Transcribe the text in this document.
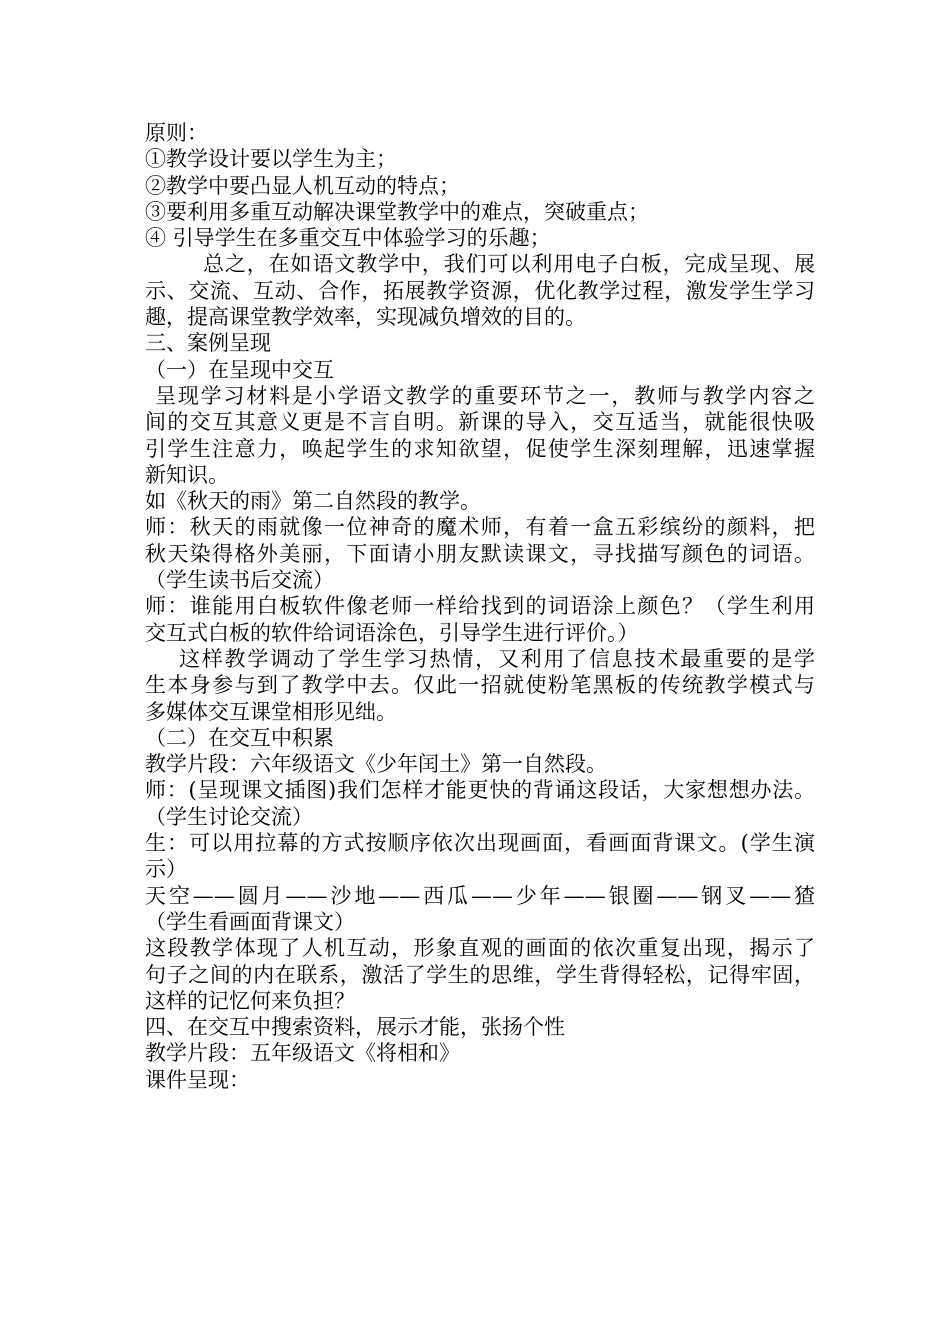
原则：
①教学设计要以学生为主；
②教学中要凸显人机互动的特点；
③要利用多重互动解决课堂教学中的难点，突破重点；
④ 引导学生在多重交互中体验学习的乐趣；
总之，在如语文教学中，我们可以利用电子白板，完成呈现、展
示、交流、互动、合作，拓展教学资源，优化教学过程，激发学生学习
趣，提高课堂教学效率，实现减负增效的目的。
三、案例呈现
（一）在呈现中交互
呈现学习材料是小学语文教学的重要环节之一，教师与教学内容之
间的交互其意义更是不言自明。新课的导入，交互适当，就能很快吸
引学生注意力，唤起学生的求知欲望，促使学生深刻理解，迅速掌握
新知识。
如《秋天的雨》第二自然段的教学。
师：秋天的雨就像一位神奇的魔术师，有着一盒五彩缤纷的颜料，把
秋天染得格外美丽，下面请小朋友默读课文，寻找描写颜色的词语。
（学生读书后交流）
师：谁能用白板软件像老师一样给找到的词语涂上颜色？（学生利用
交互式白板的软件给词语涂色，引导学生进行评价。）
这样教学调动了学生学习热情，又利用了信息技术最重要的是学
生本身参与到了教学中去。仅此一招就使粉笔黑板的传统教学模式与
多媒体交互课堂相形见绌。
（二）在交互中积累
教学片段：六年级语文《少年闰土》第一自然段。
师：(呈现课文插图)我们怎样才能更快的背诵这段话，大家想想办法。
（学生讨论交流）
生：可以用拉幕的方式按顺序依次出现画面，看画面背课文。(学生演
示）
天空——圆月——沙地——西瓜——少年——银圈——钢叉——猹
（学生看画面背课文）
这段教学体现了人机互动，形象直观的画面的依次重复出现，揭示了
句子之间的内在联系，激活了学生的思维，学生背得轻松，记得牢固，
这样的记忆何来负担？
四、在交互中搜索资料，展示才能，张扬个性
教学片段：五年级语文《将相和》
课件呈现：
